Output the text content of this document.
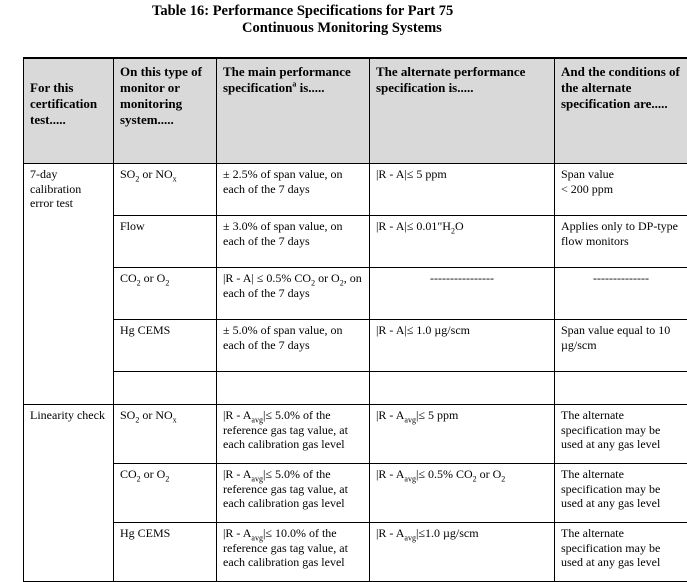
Table 16: Performance Specifications for Part 75
Continuous Monitoring Systems
For this certification test.....	On this type of monitor or monitoring system.....	The main performance specification$^a$ is.....	The alternate performance specification is.....	And the conditions of the alternate specification are.....
7-day calibration error test	$SO_2$ or $NO_x$	± 2.5% of span value, on each of the 7 days	|R - A|≤ 5 ppm	Span value
< 200 ppm
	Flow	± 3.0% of span value, on each of the 7 days	$|R - A|\le 0.01"H_2O$	Applies only to DP-type flow monitors
	$CO_2$ or $O_2$	|R - A| ≤ 0.5% $CO_2$ or $O_2$, on each of the 7 days	----------------	--------------
	Hg CEMS	± 5.0% of span value, on each of the 7 days	|R - A|≤ 1.0 µg/scm	Span value equal to 10 µg/scm

Linearity check	$SO_2$ or $NO_x$	$|R - A_{avg}|\le 5.0\%$ of the reference gas tag value, at each calibration gas level	$|R - A_{avg}|\le 5$ ppm	The alternate specification may be used at any gas level
	$CO_2$ or $O_2$	$|R - A_{avg}|\le 5.0\%$ of the reference gas tag value, at each calibration gas level	$|R - A_{avg}|\le 0.5\%$ $CO_2$ or $O_2$	The alternate specification may be used at any gas level
	Hg CEMS	$|R - A_{avg}|\le 10.0\%$ of the reference gas tag value, at each calibration gas level	$|R - A_{avg}|\le 1.0$ µg/scm	The alternate specification may be used at any gas level
